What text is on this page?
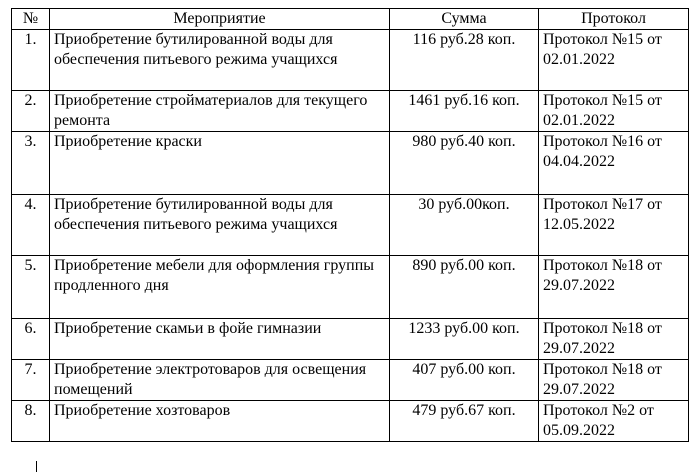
№	Мероприятие	Сумма	Протокол
1.	Приобретение бутилированной воды для обеспечения питьевого режима учащихся	116 руб.28 коп.	Протокол №15 от 02.01.2022
2.	Приобретение стройматериалов для текущего ремонта	1461 руб.16 коп.	Протокол №15 от 02.01.2022
3.	Приобретение краски	980 руб.40 коп.	Протокол №16 от 04.04.2022
4.	Приобретение бутилированной воды для обеспечения питьевого режима учащихся	30 руб.00коп.	Протокол №17 от 12.05.2022
5.	Приобретение мебели для оформления группы продленного дня	890 руб.00 коп.	Протокол №18 от 29.07.2022
6.	Приобретение скамьи в фойе гимназии	1233 руб.00 коп.	Протокол №18 от 29.07.2022
7.	Приобретение электротоваров для освещения помещений	407 руб.00 коп.	Протокол №18 от 29.07.2022
8.	Приобретение хозтоваров	479 руб.67 коп.	Протокол №2 от 05.09.2022
